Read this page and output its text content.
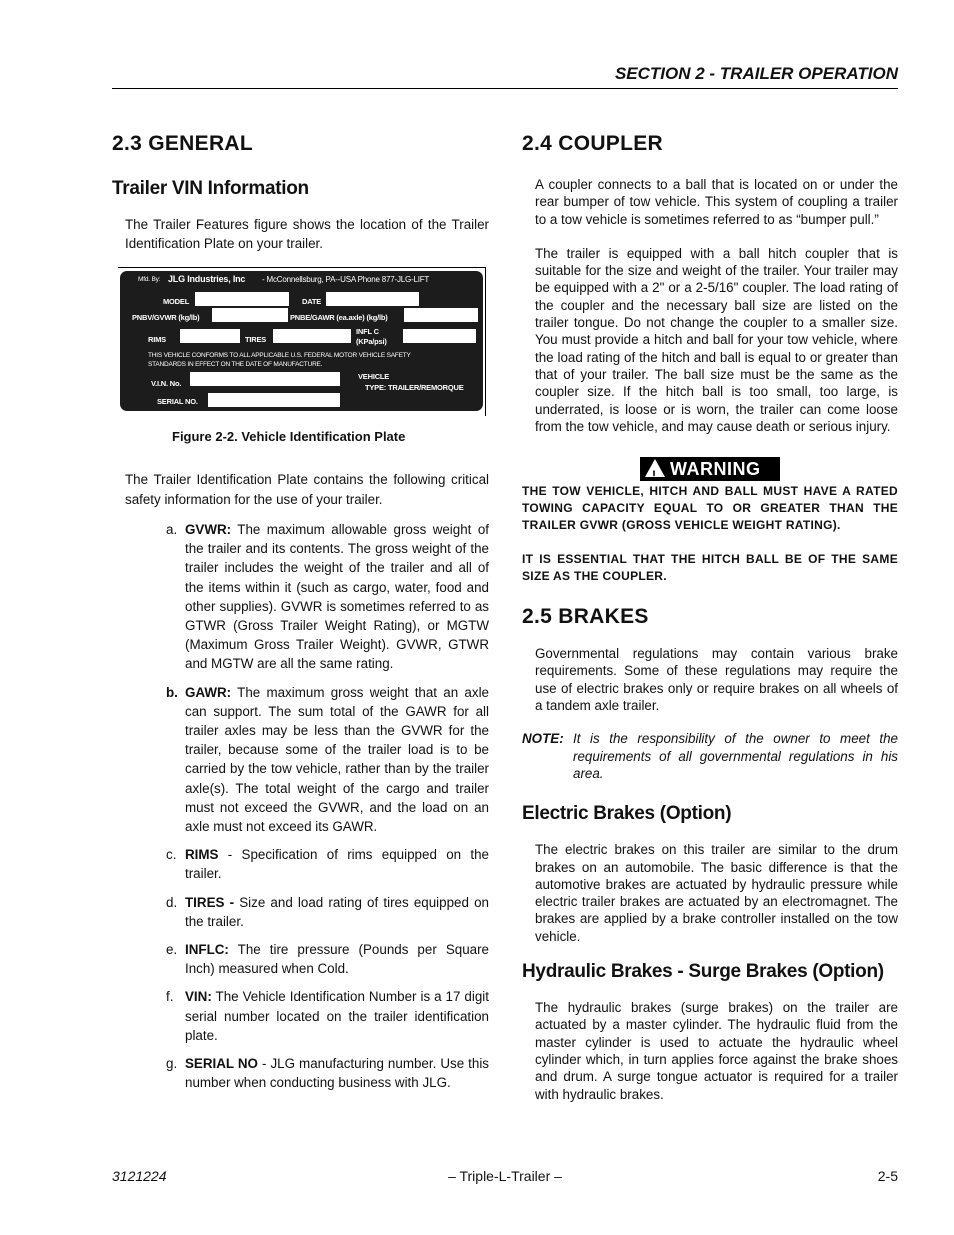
SECTION 2 - TRAILER OPERATION
2.3 GENERAL
Trailer VIN Information

The Trailer Features figure shows the location of the Trailer Identification Plate on your trailer.

Mfd. By: JLG Industries, Inc - McConnellsburg, PA--USA Phone 877-JLG-LIFT
MODEL	DATE
PNBV/GVWR (kg/lb)	PNBE/GAWR (ea.axle) (kg/lb)
RIMS	TIRES
INFL C
(KPa/psi)
THIS VEHICLE CONFORMS TO ALL APPLICABLE U.S. FEDERAL MOTOR VEHICLE SAFETY
STANDARDS IN EFFECT ON THE DATE OF MANUFACTURE.
V.I.N. No.
VEHICLE
TYPE: TRAILER/REMORQUE
SERIAL NO.
Figure 2-2. Vehicle Identification Plate

The Trailer Identification Plate contains the following critical safety information for the use of your trailer.

a. GVWR: The maximum allowable gross weight of the trailer and its contents. The gross weight of the trailer includes the weight of the trailer and all of the items within it (such as cargo, water, food and other supplies). GVWR is sometimes referred to as GTWR (Gross Trailer Weight Rating), or MGTW (Maximum Gross Trailer Weight). GVWR, GTWR and MGTW are all the same rating.
b. GAWR: The maximum gross weight that an axle can support. The sum total of the GAWR for all trailer axles may be less than the GVWR for the trailer, because some of the trailer load is to be carried by the tow vehicle, rather than by the trailer axle(s). The total weight of the cargo and trailer must not exceed the GVWR, and the load on an axle must not exceed its GAWR.
c. RIMS - Specification of rims equipped on the trailer.
d. TIRES - Size and load rating of tires equipped on the trailer.
e. INFLC: The tire pressure (Pounds per Square Inch) measured when Cold.
f. VIN: The Vehicle Identification Number is a 17 digit serial number located on the trailer identification plate.
g. SERIAL NO - JLG manufacturing number. Use this number when conducting business with JLG.
2.4 COUPLER

A coupler connects to a ball that is located on or under the rear bumper of tow vehicle. This system of coupling a trailer to a tow vehicle is sometimes referred to as “bumper pull.”

The trailer is equipped with a ball hitch coupler that is suitable for the size and weight of the trailer. Your trailer may be equipped with a 2" or a 2-5/16" coupler. The load rating of the coupler and the necessary ball size are listed on the trailer tongue. Do not change the coupler to a smaller size. You must provide a hitch and ball for your tow vehicle, where the load rating of the hitch and ball is equal to or greater than that of your trailer. The ball size must be the same as the coupler size. If the hitch ball is too small, too large, is underrated, is loose or is worn, the trailer can come loose from the tow vehicle, and may cause death or serious injury.

! WARNING

THE TOW VEHICLE, HITCH AND BALL MUST HAVE A RATED TOWING CAPACITY EQUAL TO OR GREATER THAN THE TRAILER GVWR (GROSS VEHICLE WEIGHT RATING).

IT IS ESSENTIAL THAT THE HITCH BALL BE OF THE SAME SIZE AS THE COUPLER.

2.5 BRAKES

Governmental regulations may contain various brake requirements. Some of these regulations may require the use of electric brakes only or require brakes on all wheels of a tandem axle trailer.

NOTE: It is the responsibility of the owner to meet the requirements of all governmental regulations in his area.
Electric Brakes (Option)

The electric brakes on this trailer are similar to the drum brakes on an automobile. The basic difference is that the automotive brakes are actuated by hydraulic pressure while electric trailer brakes are actuated by an electromagnet. The brakes are applied by a brake controller installed on the tow vehicle.

Hydraulic Brakes - Surge Brakes (Option)

The hydraulic brakes (surge brakes) on the trailer are actuated by a master cylinder. The hydraulic fluid from the master cylinder is used to actuate the hydraulic wheel cylinder which, in turn applies force against the brake shoes and drum. A surge tongue actuator is required for a trailer with hydraulic brakes.

3121224	– Triple-L-Trailer –	2-5
